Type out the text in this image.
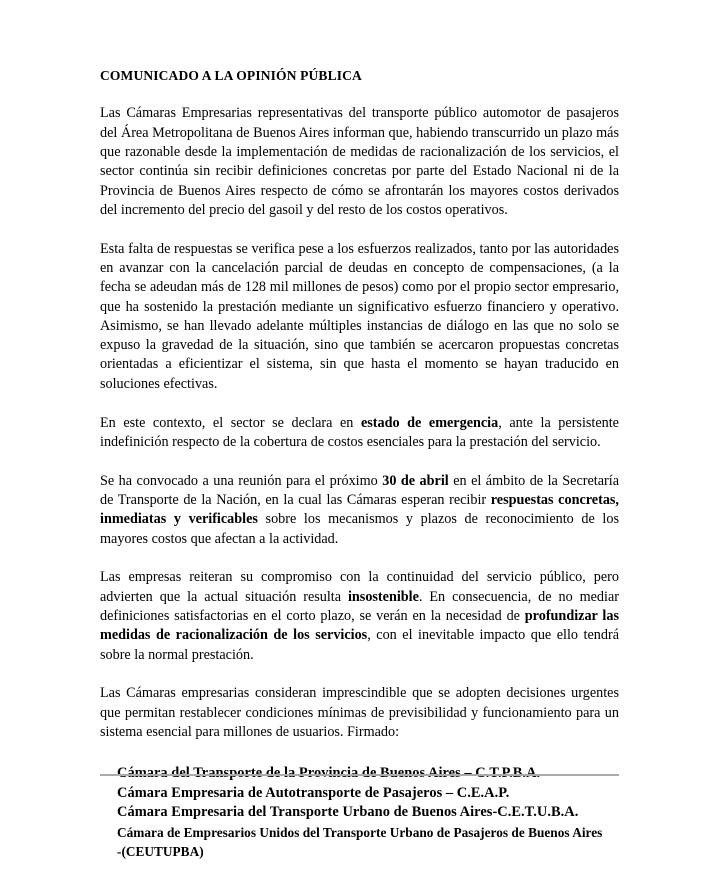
COMUNICADO A LA OPINIÓN PÚBLICA

Las Cámaras Empresarias representativas del transporte público automotor de pasajeros del Área Metropolitana de Buenos Aires informan que, habiendo transcurrido un plazo más que razonable desde la implementación de medidas de racionalización de los servicios, el sector continúa sin recibir definiciones concretas por parte del Estado Nacional ni de la Provincia de Buenos Aires respecto de cómo se afrontarán los mayores costos derivados del incremento del precio del gasoil y del resto de los costos operativos.

Esta falta de respuestas se verifica pese a los esfuerzos realizados, tanto por las autoridades en avanzar con la cancelación parcial de deudas en concepto de compensaciones, (a la fecha se adeudan más de 128 mil millones de pesos) como por el propio sector empresario, que ha sostenido la prestación mediante un significativo esfuerzo financiero y operativo. Asimismo, se han llevado adelante múltiples instancias de diálogo en las que no solo se expuso la gravedad de la situación, sino que también se acercaron propuestas concretas orientadas a eficientizar el sistema, sin que hasta el momento se hayan traducido en soluciones efectivas.

En este contexto, el sector se declara en estado de emergencia, ante la persistente indefinición respecto de la cobertura de costos esenciales para la prestación del servicio.

Se ha convocado a una reunión para el próximo 30 de abril en el ámbito de la Secretaría de Transporte de la Nación, en la cual las Cámaras esperan recibir respuestas concretas, inmediatas y verificables sobre los mecanismos y plazos de reconocimiento de los mayores costos que afectan a la actividad.

Las empresas reiteran su compromiso con la continuidad del servicio público, pero advierten que la actual situación resulta insostenible. En consecuencia, de no mediar definiciones satisfactorias en el corto plazo, se verán en la necesidad de profundizar las medidas de racionalización de los servicios, con el inevitable impacto que ello tendrá sobre la normal prestación.

Las Cámaras empresarias consideran imprescindible que se adopten decisiones urgentes que permitan restablecer condiciones mínimas de previsibilidad y funcionamiento para un sistema esencial para millones de usuarios. Firmado:

Cámara Empresaria de Autotransporte de Pasajeros – C.E.A.P.

Cámara Empresaria del Transporte Urbano de Buenos Aires-C.E.T.U.B.A.

Cámara de Empresarios Unidos del Transporte Urbano de Pasajeros de Buenos Aires

-(CEUTUPBA)
